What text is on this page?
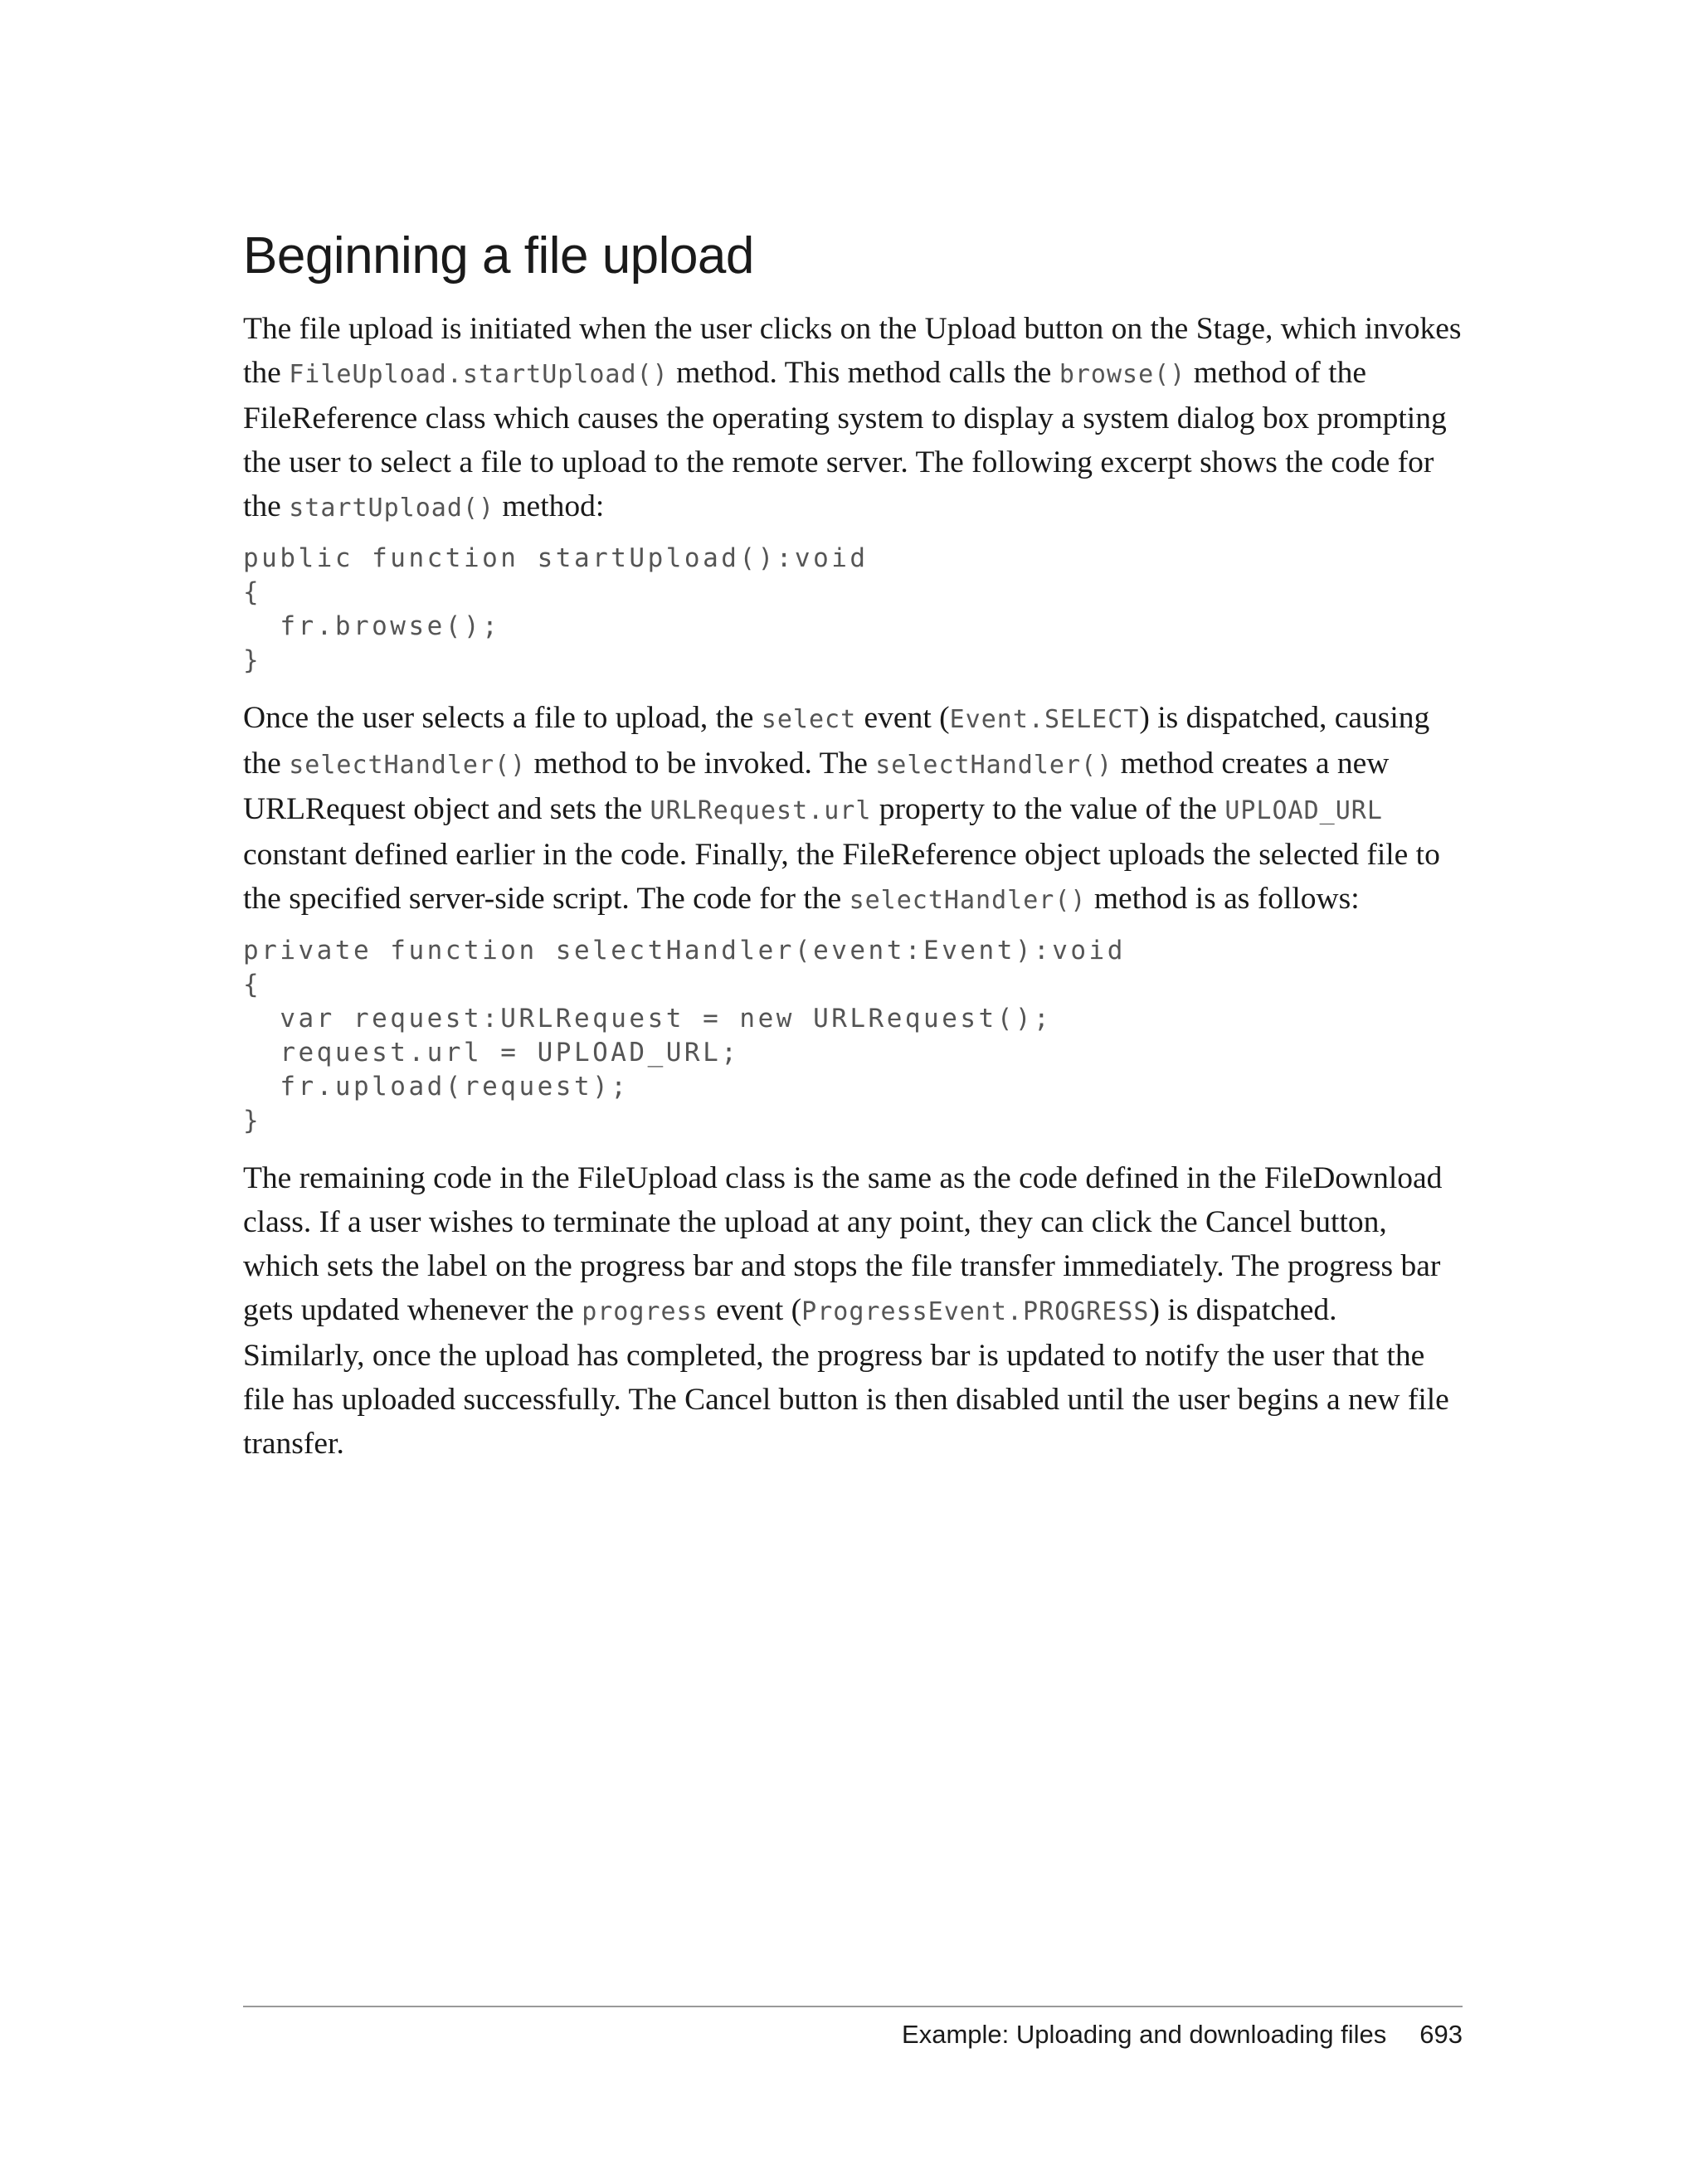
Beginning a file upload

The file upload is initiated when the user clicks on the Upload button on the Stage, which invokes the FileUpload.startUpload() method. This method calls the browse() method of the FileReference class which causes the operating system to display a system dialog box prompting the user to select a file to upload to the remote server. The following excerpt shows the code for the startUpload() method:

public function startUpload():void
{
fr.browse();
}

Once the user selects a file to upload, the select event (Event.SELECT) is dispatched, causing the selectHandler() method to be invoked. The selectHandler() method creates a new URLRequest object and sets the URLRequest.url property to the value of the UPLOAD_URL constant defined earlier in the code. Finally, the FileReference object uploads the selected file to the specified server-side script. The code for the selectHandler() method is as follows:

private function selectHandler(event:Event):void
{
var request:URLRequest = new URLRequest();
request.url = UPLOAD_URL;
fr.upload(request);
}

The remaining code in the FileUpload class is the same as the code defined in the FileDownload class. If a user wishes to terminate the upload at any point, they can click the Cancel button, which sets the label on the progress bar and stops the file transfer immediately. The progress bar gets updated whenever the progress event (ProgressEvent.PROGRESS) is dispatched. Similarly, once the upload has completed, the progress bar is updated to notify the user that the file has uploaded successfully. The Cancel button is then disabled until the user begins a new file transfer.

Example: Uploading and downloading files 693
